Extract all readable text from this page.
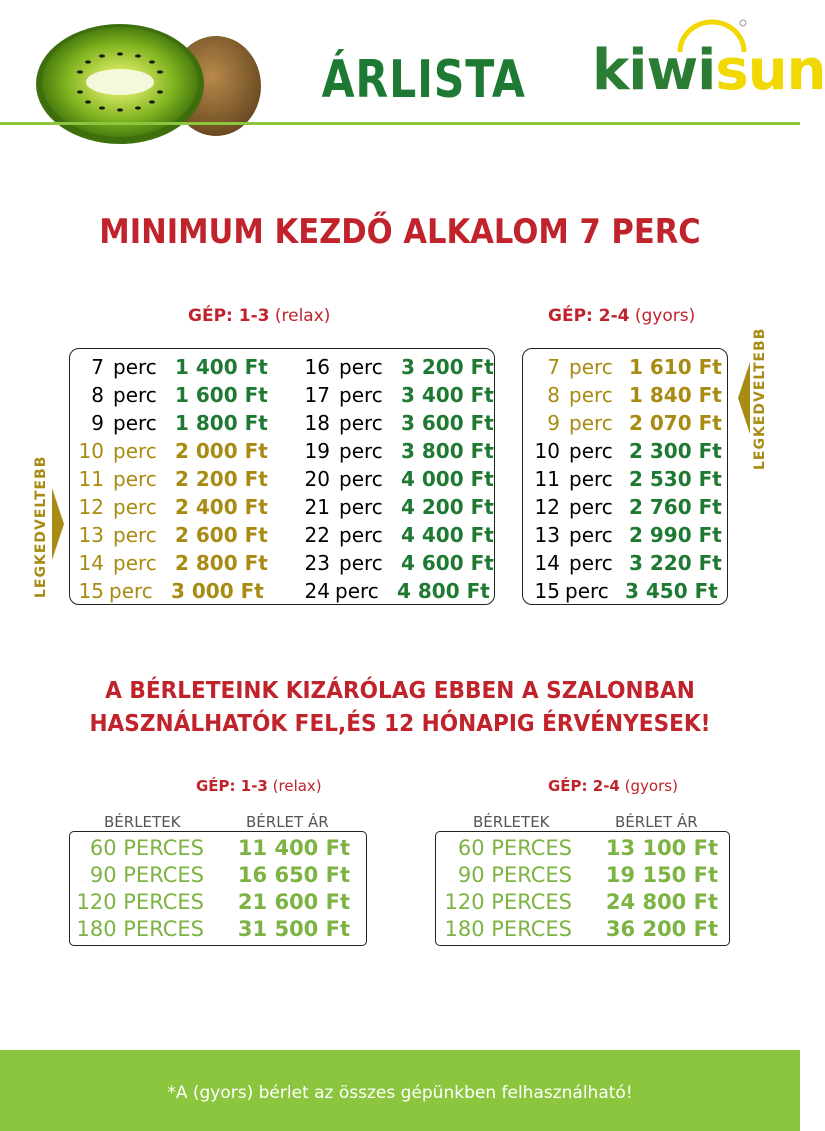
ÁRLISTA kiwisun
MINIMUM KEZDŐ ALKALOM 7 PERC
GÉP: 1-3 (relax)
7 perc 1 400 Ft
8 perc 1 600 Ft
9 perc 1 800 Ft
10 perc 2 000 Ft
11 perc 2 200 Ft
12 perc 2 400 Ft
13 perc 2 600 Ft
14 perc 2 800 Ft
15 perc 3 000 Ft
16 perc 3 200 Ft
17 perc 3 400 Ft
18 perc 3 600 Ft
19 perc 3 800 Ft
20 perc 4 000 Ft
21 perc 4 200 Ft
22 perc 4 400 Ft
23 perc 4 600 Ft
24 perc 4 800 Ft
LEGKEDVELTEBB
GÉP: 2-4 (gyors)
7 perc 1 610 Ft
8 perc 1 840 Ft
9 perc 2 070 Ft
10 perc 2 300 Ft
11 perc 2 530 Ft
12 perc 2 760 Ft
13 perc 2 990 Ft
14 perc 3 220 Ft
15 perc 3 450 Ft
LEGKEDVELTEBB
A BÉRLETEINK KIZÁRÓLAG EBBEN A SZALONBAN
HASZNÁLHATÓK FEL,ÉS 12 HÓNAPIG ÉRVÉNYESEK!
GÉP: 1-3 (relax)
BÉRLETEK	BÉRLET ÁR
60 PERCES 11 400 Ft
90 PERCES 16 650 Ft
120 PERCES 21 600 Ft
180 PERCES 31 500 Ft
GÉP: 2-4 (gyors)
BÉRLETEK	BÉRLET ÁR
60 PERCES 13 100 Ft
90 PERCES 19 150 Ft
120 PERCES 24 800 Ft
180 PERCES 36 200 Ft
*A (gyors) bérlet az összes gépünkben felhasználható!
